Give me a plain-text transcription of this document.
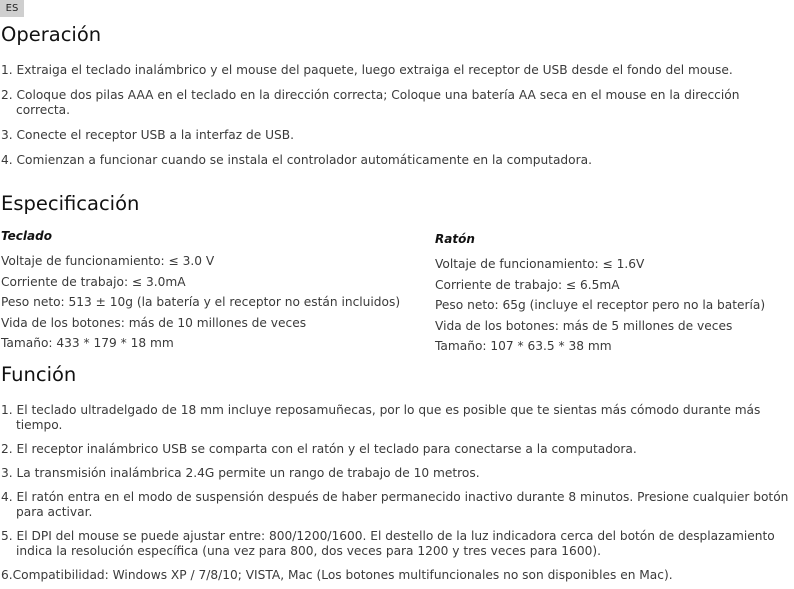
ES
Operación
1. Extraiga el teclado inalámbrico y el mouse del paquete, luego extraiga el receptor de USB desde el fondo del mouse.
2. Coloque dos pilas AAA en el teclado en la dirección correcta; Coloque una batería AA seca en el mouse en la dirección correcta.
3. Conecte el receptor USB a la interfaz de USB.
4. Comienzan a funcionar cuando se instala el controlador automáticamente en la computadora.
Especificación
Teclado
Voltaje de funcionamiento: ≤ 3.0 V
Corriente de trabajo: ≤ 3.0mA
Peso neto: 513 ± 10g (la batería y el receptor no están incluidos)
Vida de los botones: más de 10 millones de veces
Tamaño: 433 * 179 * 18 mm
Ratón
Voltaje de funcionamiento: ≤ 1.6V
Corriente de trabajo: ≤ 6.5mA
Peso neto: 65g (incluye el receptor pero no la batería)
Vida de los botones: más de 5 millones de veces
Tamaño: 107 * 63.5 * 38 mm
Función
1. El teclado ultradelgado de 18 mm incluye reposamuñecas, por lo que es posible que te sientas más cómodo durante más tiempo.
2. El receptor inalámbrico USB se comparta con el ratón y el teclado para conectarse a la computadora.
3. La transmisión inalámbrica 2.4G permite un rango de trabajo de 10 metros.
4. El ratón entra en el modo de suspensión después de haber permanecido inactivo durante 8 minutos. Presione cualquier botón para activar.
5. El DPI del mouse se puede ajustar entre: 800/1200/1600. El destello de la luz indicadora cerca del botón de desplazamiento indica la resolución específica (una vez para 800, dos veces para 1200 y tres veces para 1600).
6.Compatibilidad: Windows XP / 7/8/10; VISTA, Mac (Los botones multifuncionales no son disponibles en Mac).
